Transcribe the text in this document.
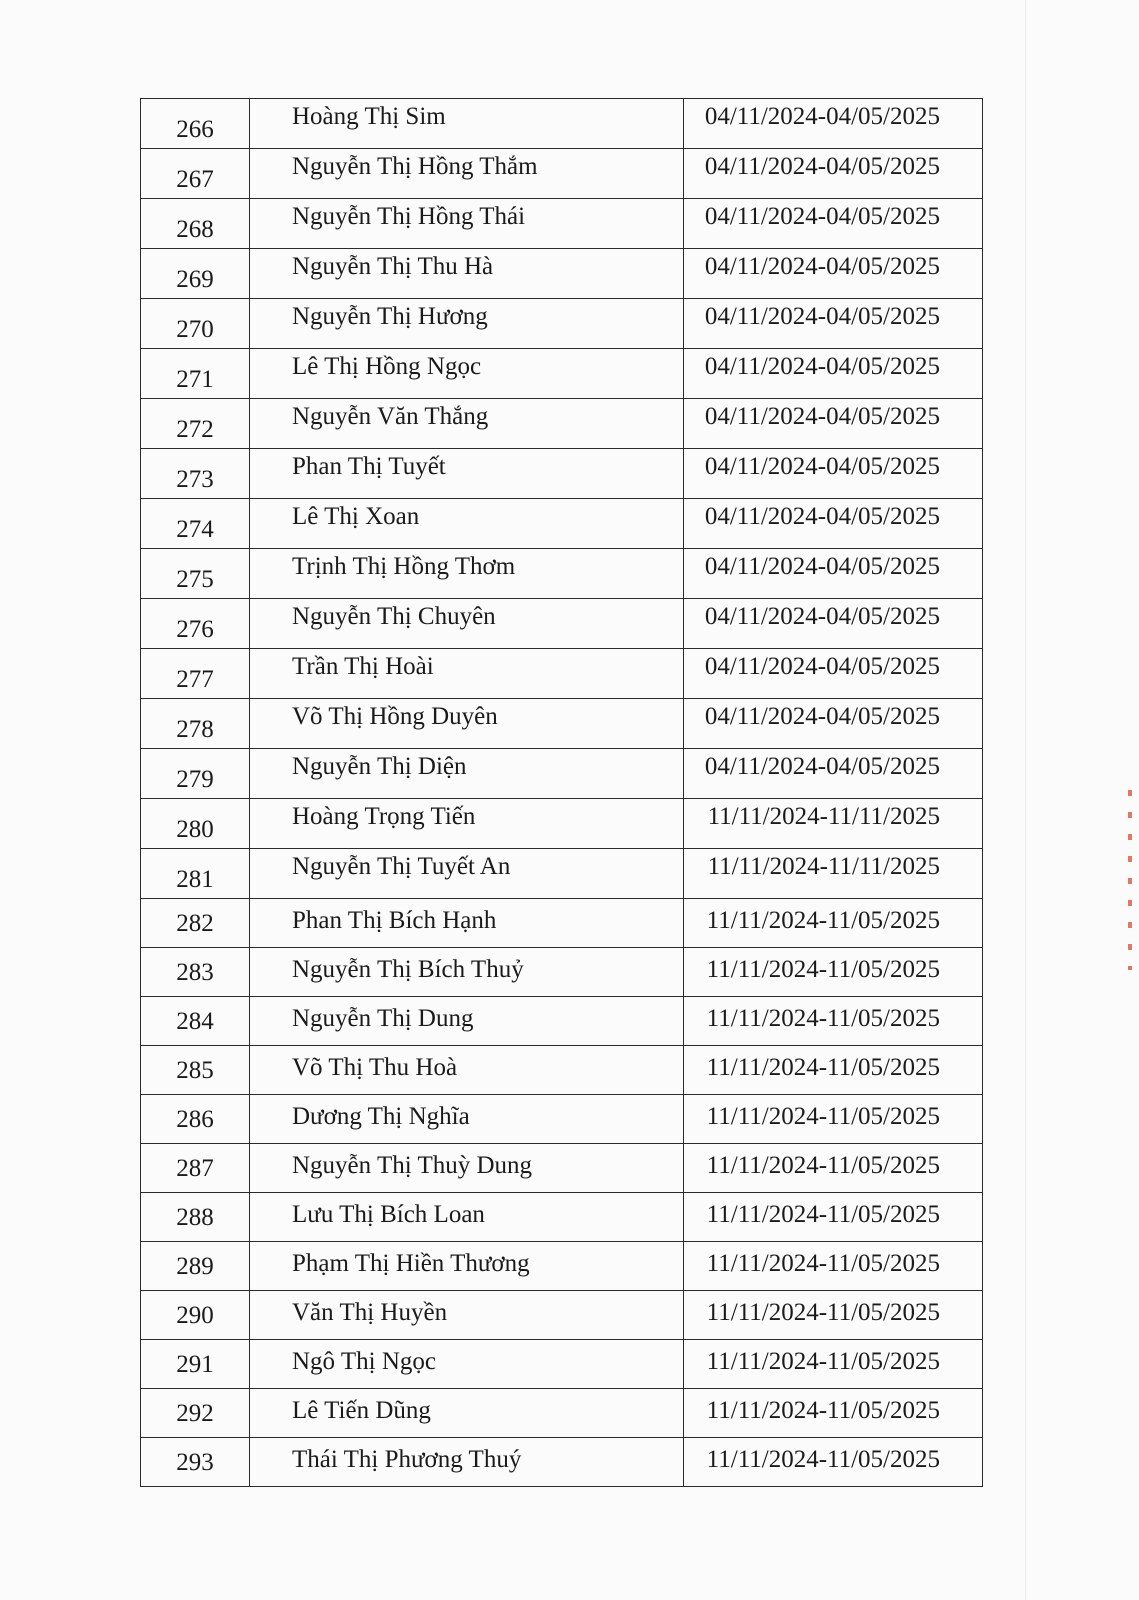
266	Hoàng Thị Sim	04/11/2024-04/05/2025
267	Nguyễn Thị Hồng Thắm	04/11/2024-04/05/2025
268	Nguyễn Thị Hồng Thái	04/11/2024-04/05/2025
269	Nguyễn Thị Thu Hà	04/11/2024-04/05/2025
270	Nguyễn Thị Hương	04/11/2024-04/05/2025
271	Lê Thị Hồng Ngọc	04/11/2024-04/05/2025
272	Nguyễn Văn Thắng	04/11/2024-04/05/2025
273	Phan Thị Tuyết	04/11/2024-04/05/2025
274	Lê Thị Xoan	04/11/2024-04/05/2025
275	Trịnh Thị Hồng Thơm	04/11/2024-04/05/2025
276	Nguyễn Thị Chuyên	04/11/2024-04/05/2025
277	Trần Thị Hoài	04/11/2024-04/05/2025
278	Võ Thị Hồng Duyên	04/11/2024-04/05/2025
279	Nguyễn Thị Diện	04/11/2024-04/05/2025
280	Hoàng Trọng Tiến	11/11/2024-11/11/2025
281	Nguyễn Thị Tuyết An	11/11/2024-11/11/2025
282	Phan Thị Bích Hạnh	11/11/2024-11/05/2025
283	Nguyễn Thị Bích Thuỷ	11/11/2024-11/05/2025
284	Nguyễn Thị Dung	11/11/2024-11/05/2025
285	Võ Thị Thu Hoà	11/11/2024-11/05/2025
286	Dương Thị Nghĩa	11/11/2024-11/05/2025
287	Nguyễn Thị Thuỳ Dung	11/11/2024-11/05/2025
288	Lưu Thị Bích Loan	11/11/2024-11/05/2025
289	Phạm Thị Hiền Thương	11/11/2024-11/05/2025
290	Văn Thị Huyền	11/11/2024-11/05/2025
291	Ngô Thị Ngọc	11/11/2024-11/05/2025
292	Lê Tiến Dũng	11/11/2024-11/05/2025
293	Thái Thị Phương Thuý	11/11/2024-11/05/2025
